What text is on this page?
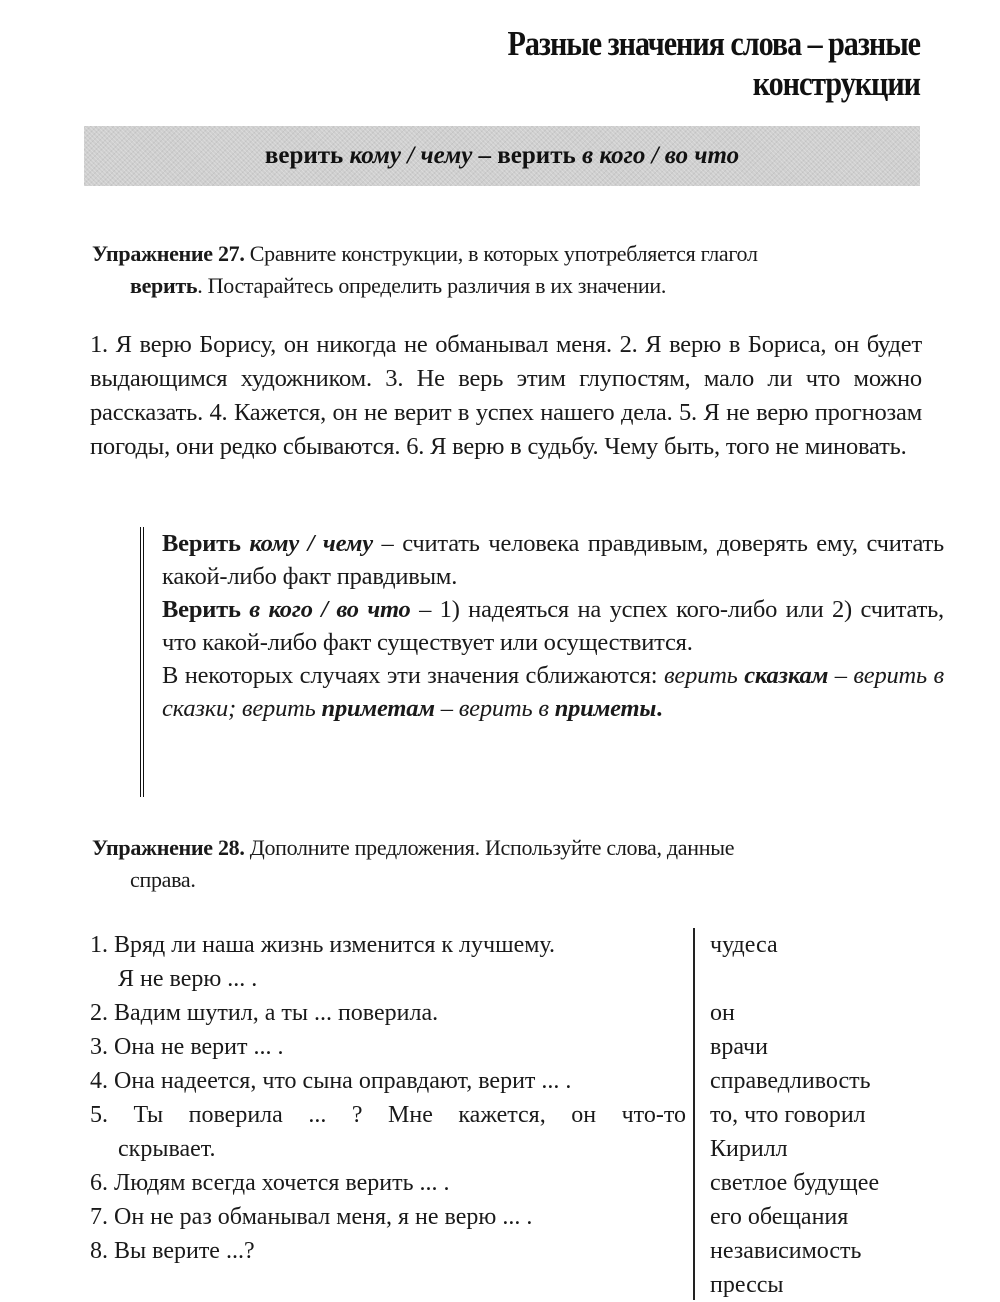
Разные значения слова – разные конструкции
верить
кому / чему
–
верить
в кого / во что
Упражнение 27. Сравните конструкции, в которых употребляется глагол
верить. Постарайтесь определить различия в их значении.
1. Я верю Борису, он никогда не обманывал меня. 2. Я верю в Бориса, он будет выдающимся художником. 3. Не верь этим глупостям, мало ли что можно рассказать. 4. Кажется, он не верит в успех нашего дела. 5. Я не верю прогнозам погоды, они редко сбываются. 6. Я верю в судьбу. Чему быть, того не миновать.

Верить кому / чему – считать человека правдивым, доверять ему, считать какой-либо факт правдивым.

Верить в кого / во что – 1) надеяться на успех кого-либо или 2) считать, что какой-либо факт существует или осуществится.

В некоторых случаях эти значения сближаются: верить сказкам – верить в сказки; верить приметам – верить в приметы.

Упражнение 28. Дополните предложения. Используйте слова, данные
справа.
1. Вряд ли наша жизнь изменится к лучшему.
Я не верю ... .
2. Вадим шутил, а ты ... поверила.
3. Она не верит ... .
4. Она надеется, что сына оправдают, верит ... .
5. Ты поверила ... ? Мне кажется, он что-то
скрывает.
6. Людям всегда хочется верить ... .
7. Он не раз обманывал меня, я не верю ... .
8. Вы верите ...?
чудеса

он
врачи
справедливость
то, что говорил
Кирилл
светлое будущее
его обещания
независимость
прессы
